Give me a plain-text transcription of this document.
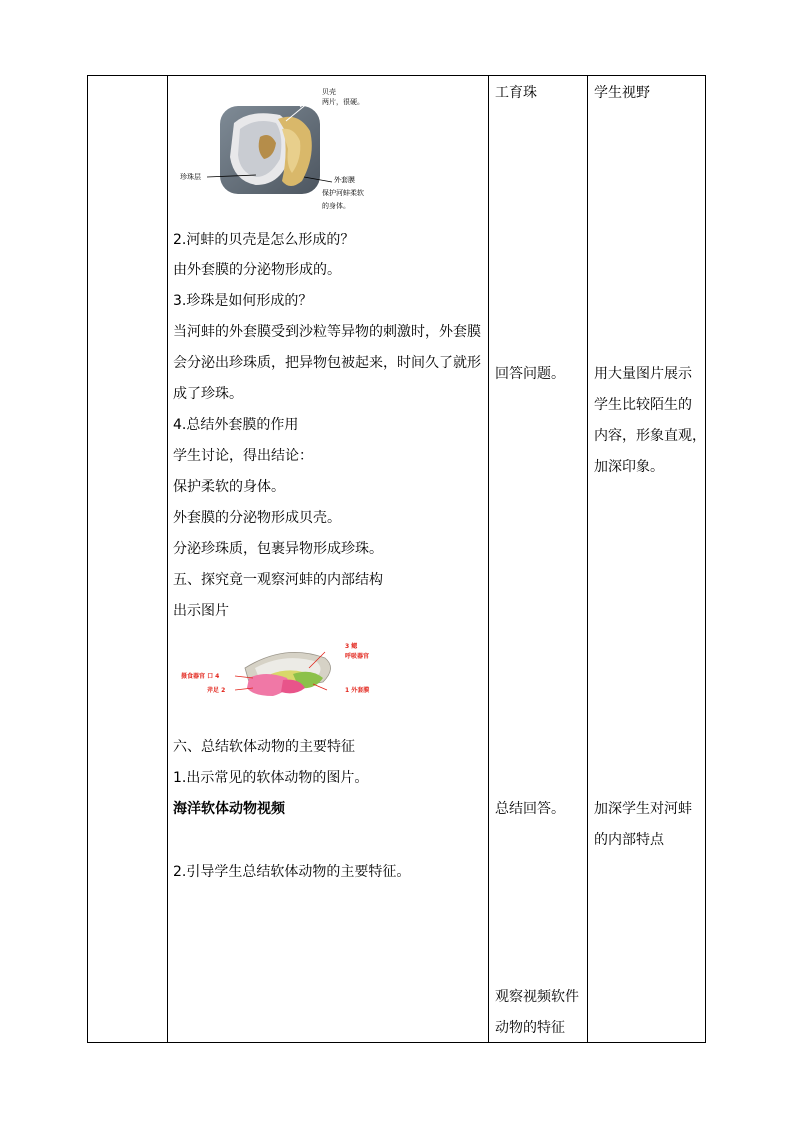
贝壳
两片，很硬。
珍珠层	外套膜
保护河蚌柔软
的身体。
2.河蚌的贝壳是怎么形成的？
由外套膜的分泌物形成的。
3.珍珠是如何形成的？
当河蚌的外套膜受到沙粒等异物的刺激时，外套膜
会分泌出珍珠质，把异物包被起来，时间久了就形
成了珍珠。
4.总结外套膜的作用
学生讨论，得出结论：
保护柔软的身体。
外套膜的分泌物形成贝壳。
分泌珍珠质，包裹异物形成珍珠。
五、探究竟一观察河蚌的内部结构
出示图片
3 鳃
呼吸器官
摄食器官 口 4
斧足 2	1 外套膜
六、总结软体动物的主要特征
1.出示常见的软体动物的图片。
海洋软体动物视频
2.引导学生总结软体动物的主要特征。
工育珠
回答问题。
总结回答。
观察视频软件
动物的特征
学生视野
用大量图片展示
学生比较陌生的
内容，形象直观，
加深印象。
加深学生对河蚌
的内部特点
